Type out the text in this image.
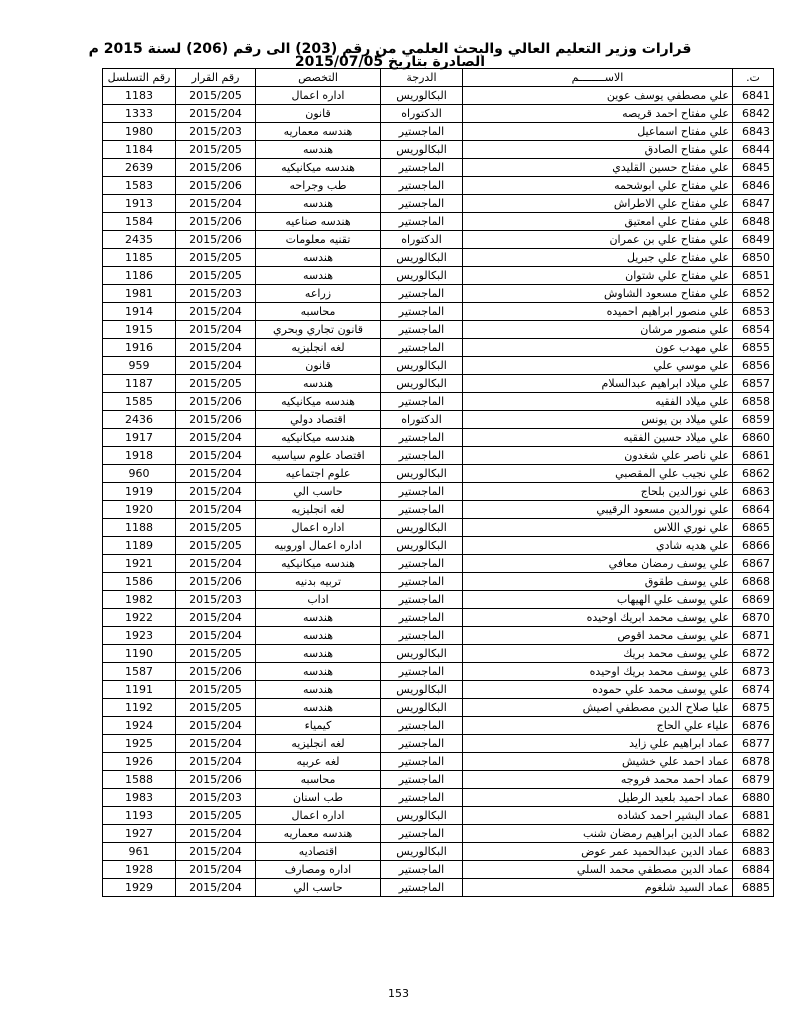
قرارات وزير التعليم العالي والبحث العلمي من رقم (203) الى رقم (206) لسنة 2015 م الصادرة بتاريخ 2015/07/05
ت.	الاســــــــم	الدرجة	التخصص	رقم القرار	رقم التسلسل
6841	علي مصطفي يوسف عوين	البكالوريس	اداره اعمال	2015/205	1183
6842	علي مفتاح احمد قريصه	الدكتوراه	قانون	2015/204	1333
6843	علي مفتاح اسماعيل	الماجستير	هندسه معماريه	2015/203	1980
6844	علي مفتاح الصادق	البكالوريس	هندسه	2015/205	1184
6845	علي مفتاح حسين القليدي	الماجستير	هندسه ميكانيكيه	2015/206	2639
6846	علي مفتاح علي ابوشحمه	الماجستير	طب وجراحه	2015/206	1583
6847	علي مفتاح علي الاطراش	الماجستير	هندسه	2015/204	1913
6848	علي مفتاح علي امعتيق	الماجستير	هندسه صناعيه	2015/206	1584
6849	علي مفتاح علي بن عمران	الدكتوراه	تقنيه معلومات	2015/206	2435
6850	علي مفتاح علي جبريل	البكالوريس	هندسه	2015/205	1185
6851	علي مفتاح علي شتوان	البكالوريس	هندسه	2015/205	1186
6852	علي مفتاح مسعود الشاوش	الماجستير	زراعه	2015/203	1981
6853	علي منصور ابراهيم احميده	الماجستير	محاسبه	2015/204	1914
6854	علي منصور مرشان	الماجستير	قانون تجاري وبحري	2015/204	1915
6855	علي مهدب عون	الماجستير	لغه انجليزيه	2015/204	1916
6856	علي موسي علي	البكالوريس	قانون	2015/204	959
6857	علي ميلاد ابراهيم عبدالسلام	البكالوريس	هندسه	2015/205	1187
6858	علي ميلاد الفقيه	الماجستير	هندسه ميكانيكيه	2015/206	1585
6859	علي ميلاد بن يونس	الدكتوراه	اقتصاد دولي	2015/206	2436
6860	علي ميلاد حسين الفقيه	الماجستير	هندسه ميكانيكيه	2015/204	1917
6861	علي ناصر علي شغدون	الماجستير	اقتصاد علوم سياسيه	2015/204	1918
6862	علي نجيب علي المقصبي	البكالوريس	علوم اجتماعيه	2015/204	960
6863	علي نورالدين بلحاج	الماجستير	حاسب الي	2015/204	1919
6864	علي نورالدين مسعود الرقيبي	الماجستير	لغه انجليزيه	2015/204	1920
6865	علي نوري اللاس	البكالوريس	اداره اعمال	2015/205	1188
6866	علي هديه شادي	البكالوريس	اداره اعمال اوروبيه	2015/205	1189
6867	علي يوسف رمضان معافي	الماجستير	هندسه ميكانيكيه	2015/204	1921
6868	علي يوسف طقوق	الماجستير	تربيه بدنيه	2015/206	1586
6869	علي يوسف علي الهيهاب	الماجستير	اداب	2015/203	1982
6870	علي يوسف محمد ابريك اوحيده	الماجستير	هندسه	2015/204	1922
6871	علي يوسف محمد اقوص	الماجستير	هندسه	2015/204	1923
6872	علي يوسف محمد بريك	البكالوريس	هندسه	2015/205	1190
6873	علي يوسف محمد بريك اوحيده	الماجستير	هندسه	2015/206	1587
6874	علي يوسف محمد علي حموده	البكالوريس	هندسه	2015/205	1191
6875	عليا صلاح الدين مصطفي اصيش	البكالوريس	هندسه	2015/205	1192
6876	علياء علي الحاج	الماجستير	كيمياء	2015/204	1924
6877	عماد ابراهيم علي زايد	الماجستير	لغه انجليزيه	2015/204	1925
6878	عماد احمد علي خشيش	الماجستير	لغه عربيه	2015/204	1926
6879	عماد احمد محمد فروجه	الماجستير	محاسبه	2015/206	1588
6880	عماد احميد بلعيد الرطيل	الماجستير	طب اسنان	2015/203	1983
6881	عماد البشير احمد كشاده	البكالوريس	اداره اعمال	2015/205	1193
6882	عماد الدين ابراهيم رمضان شنب	الماجستير	هندسه معماريه	2015/204	1927
6883	عماد الدين عبدالحميد عمر عوض	البكالوريس	اقتصاديه	2015/204	961
6884	عماد الدين مصطفي محمد السلي	الماجستير	اداره ومصارف	2015/204	1928
6885	عماد السيد شلغوم	الماجستير	حاسب الي	2015/204	1929
153
